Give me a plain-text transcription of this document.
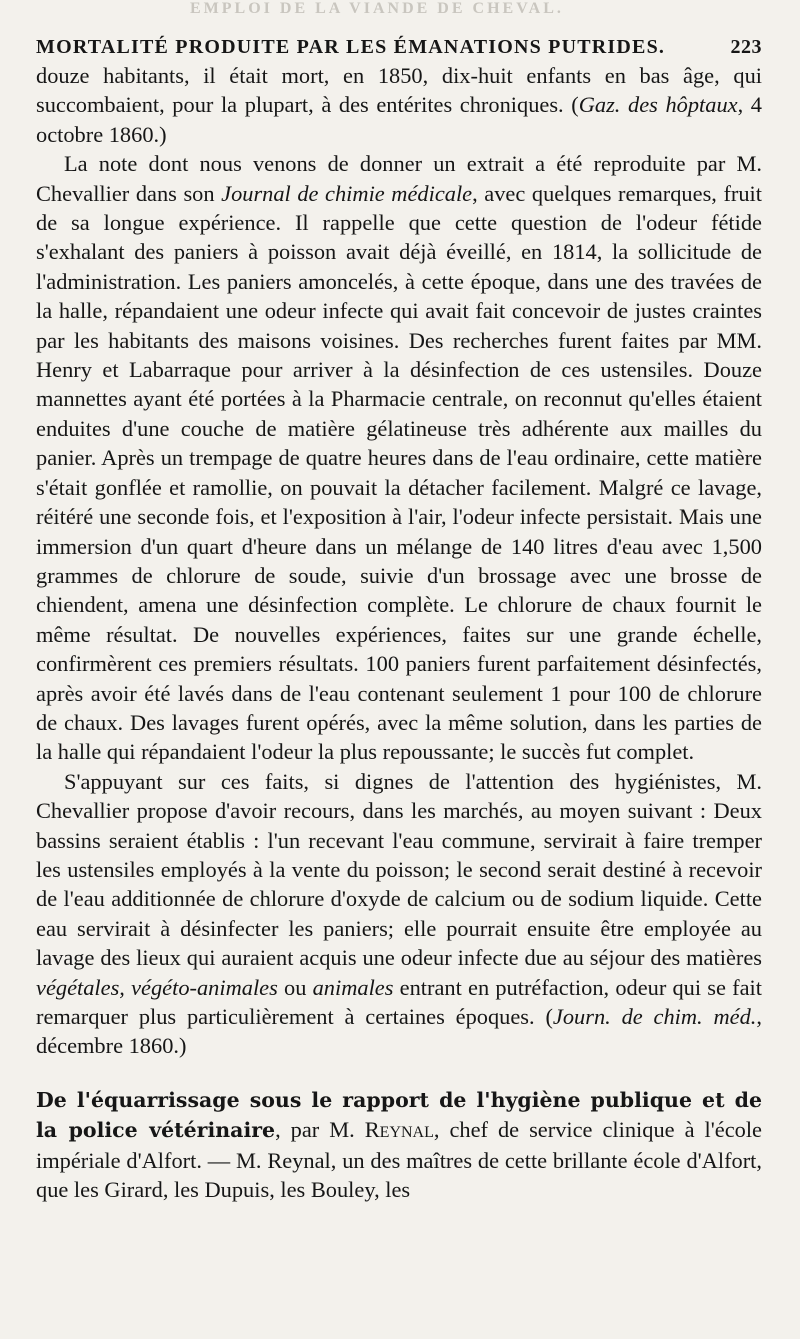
EMPLOI DE LA VIANDE DE CHEVAL.
MORTALITÉ PRODUITE PAR LES ÉMANATIONS PUTRIDES.	223

douze habitants, il était mort, en 1850, dix-huit enfants en bas âge, qui succombaient, pour la plupart, à des entérites chroniques. (Gaz. des hôptaux, 4 octobre 1860.)

La note dont nous venons de donner un extrait a été reproduite par M. Chevallier dans son Journal de chimie médicale, avec quelques remarques, fruit de sa longue expérience. Il rappelle que cette question de l'odeur fétide s'exhalant des paniers à poisson avait déjà éveillé, en 1814, la sollicitude de l'administration. Les paniers amoncelés, à cette époque, dans une des travées de la halle, répandaient une odeur infecte qui avait fait concevoir de justes craintes par les habitants des maisons voisines. Des recherches furent faites par MM. Henry et Labarraque pour arriver à la désinfection de ces ustensiles. Douze mannettes ayant été portées à la Pharmacie centrale, on reconnut qu'elles étaient enduites d'une couche de matière gélatineuse très adhérente aux mailles du panier. Après un trempage de quatre heures dans de l'eau ordinaire, cette matière s'était gonflée et ramollie, on pouvait la détacher facilement. Malgré ce lavage, réitéré une seconde fois, et l'exposition à l'air, l'odeur infecte persistait. Mais une immersion d'un quart d'heure dans un mélange de 140 litres d'eau avec 1,500 grammes de chlorure de soude, suivie d'un brossage avec une brosse de chiendent, amena une désinfection complète. Le chlorure de chaux fournit le même résultat. De nouvelles expériences, faites sur une grande échelle, confirmèrent ces premiers résultats. 100 paniers furent parfaitement désinfectés, après avoir été lavés dans de l'eau contenant seulement 1 pour 100 de chlorure de chaux. Des lavages furent opérés, avec la même solution, dans les parties de la halle qui répandaient l'odeur la plus repoussante; le succès fut complet.

S'appuyant sur ces faits, si dignes de l'attention des hygiénistes, M. Chevallier propose d'avoir recours, dans les marchés, au moyen suivant : Deux bassins seraient établis : l'un recevant l'eau commune, servirait à faire tremper les ustensiles employés à la vente du poisson; le second serait destiné à recevoir de l'eau additionnée de chlorure d'oxyde de calcium ou de sodium liquide. Cette eau servirait à désinfecter les paniers; elle pourrait ensuite être employée au lavage des lieux qui auraient acquis une odeur infecte due au séjour des matières végétales, végéto-animales ou animales entrant en putréfaction, odeur qui se fait remarquer plus particulièrement à certaines époques. (Journ. de chim. méd., décembre 1860.)

De l'équarrissage sous le rapport de l'hygiène publique et de la police vétérinaire, par M. Reynal, chef de service clinique à l'école impériale d'Alfort. — M. Reynal, un des maîtres de cette brillante école d'Alfort, que les Girard, les Dupuis, les Bouley, les
